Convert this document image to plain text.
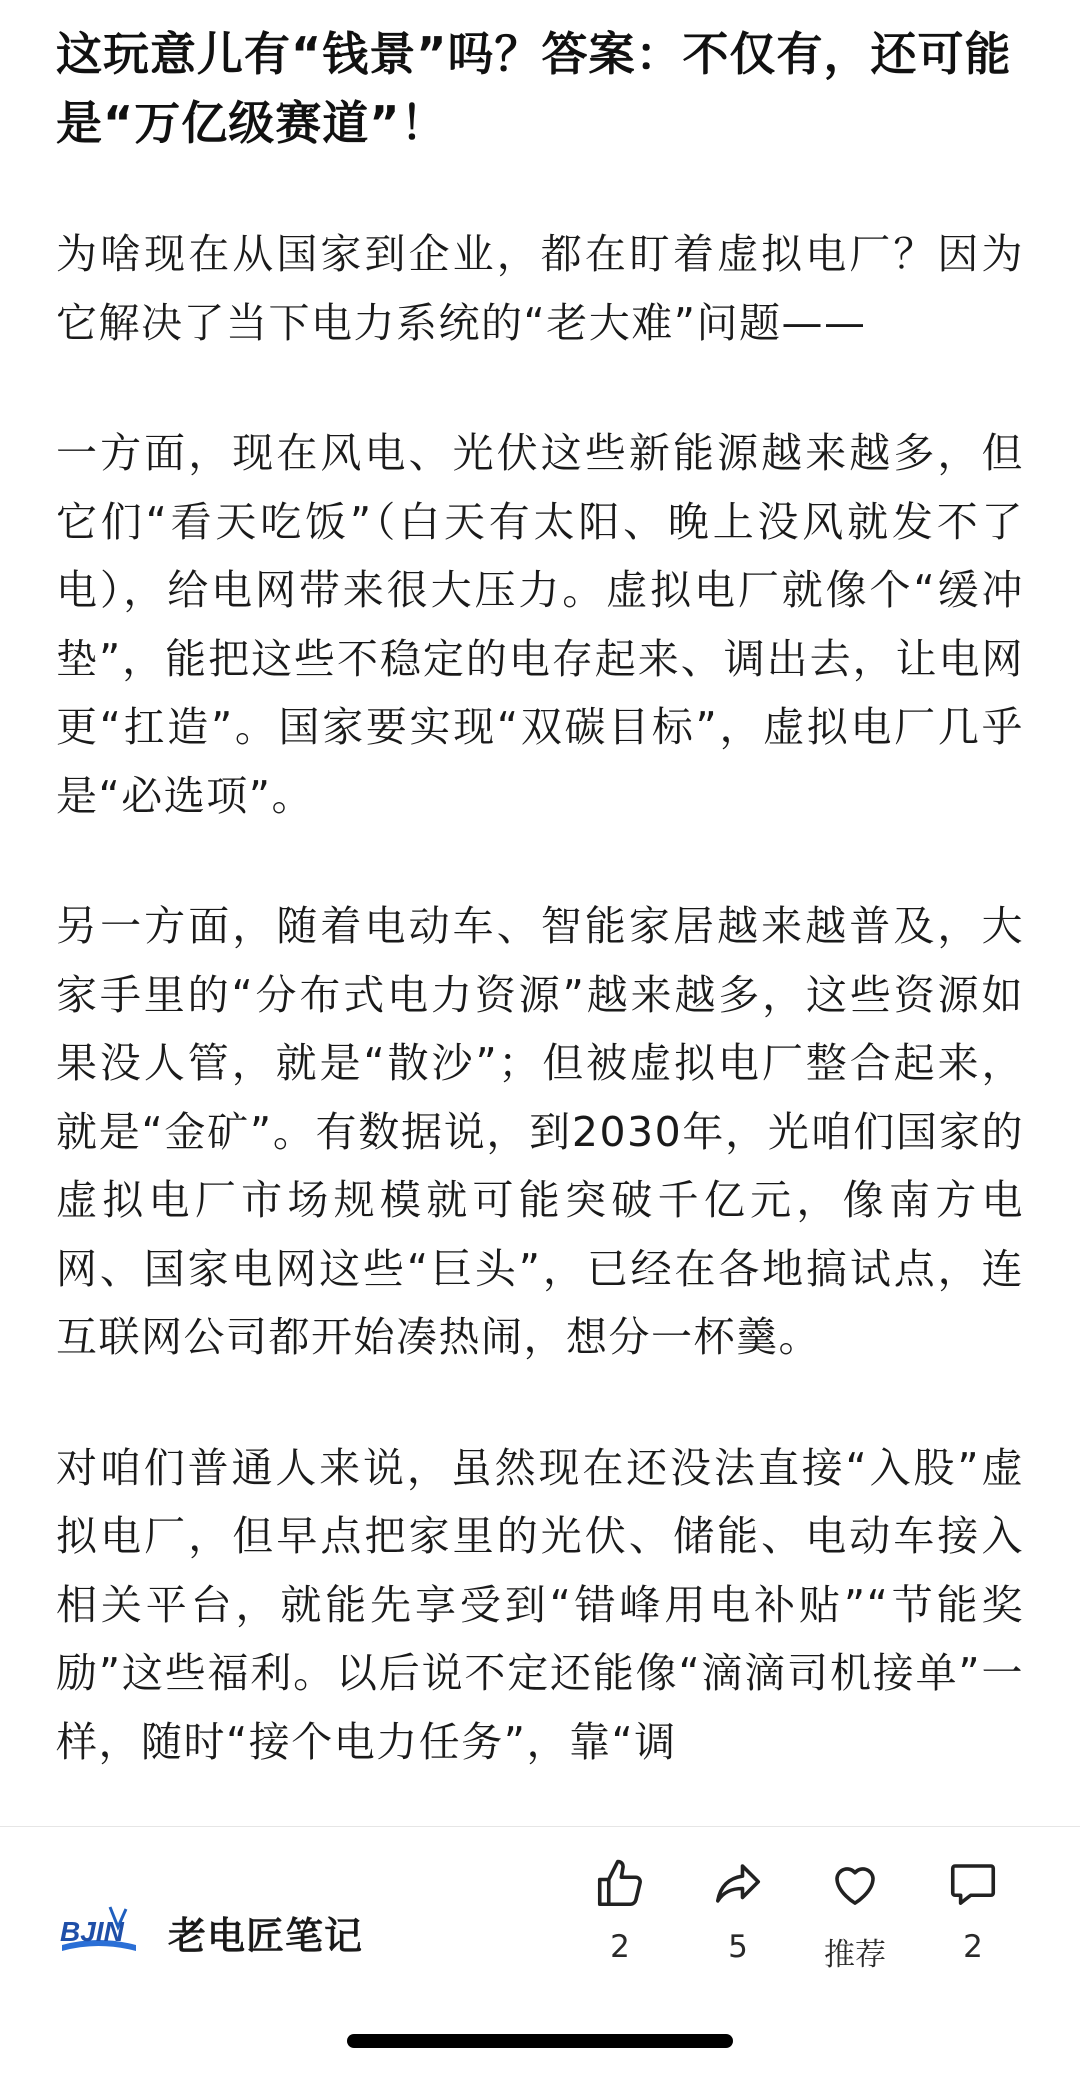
这玩意儿有“钱景”吗？答案：不仅有，还可能是“万亿级赛道”！
为啥现在从国家到企业，都在盯着虚拟电厂？因为它解决了当下电力系统的“老大难”问题——
一方面，现在风电、光伏这些新能源越来越多，但它们“看天吃饭”（白天有太阳、晚上没风就发不了电），给电网带来很大压力。虚拟电厂就像个“缓冲垫”，能把这些不稳定的电存起来、调出去，让电网更“扛造”。国家要实现“双碳目标”，虚拟电厂几乎是“必选项”。
另一方面，随着电动车、智能家居越来越普及，大家手里的“分布式电力资源”越来越多，这些资源如果没人管，就是“散沙”；但被虚拟电厂整合起来，就是“金矿”。有数据说，到2030年，光咱们国家的虚拟电厂市场规模就可能突破千亿元，像南方电网、国家电网这些“巨头”，已经在各地搞试点，连互联网公司都开始凑热闹，想分一杯羹。
对咱们普通人来说，虽然现在还没法直接“入股”虚拟电厂，但早点把家里的光伏、储能、电动车接入相关平台，就能先享受到“错峰用电补贴”“节能奖励”这些福利。以后说不定还能像“滴滴司机接单”一样，随时“接个电力任务”，靠“调
BJIN 老电匠笔记	2	5	推荐	2
